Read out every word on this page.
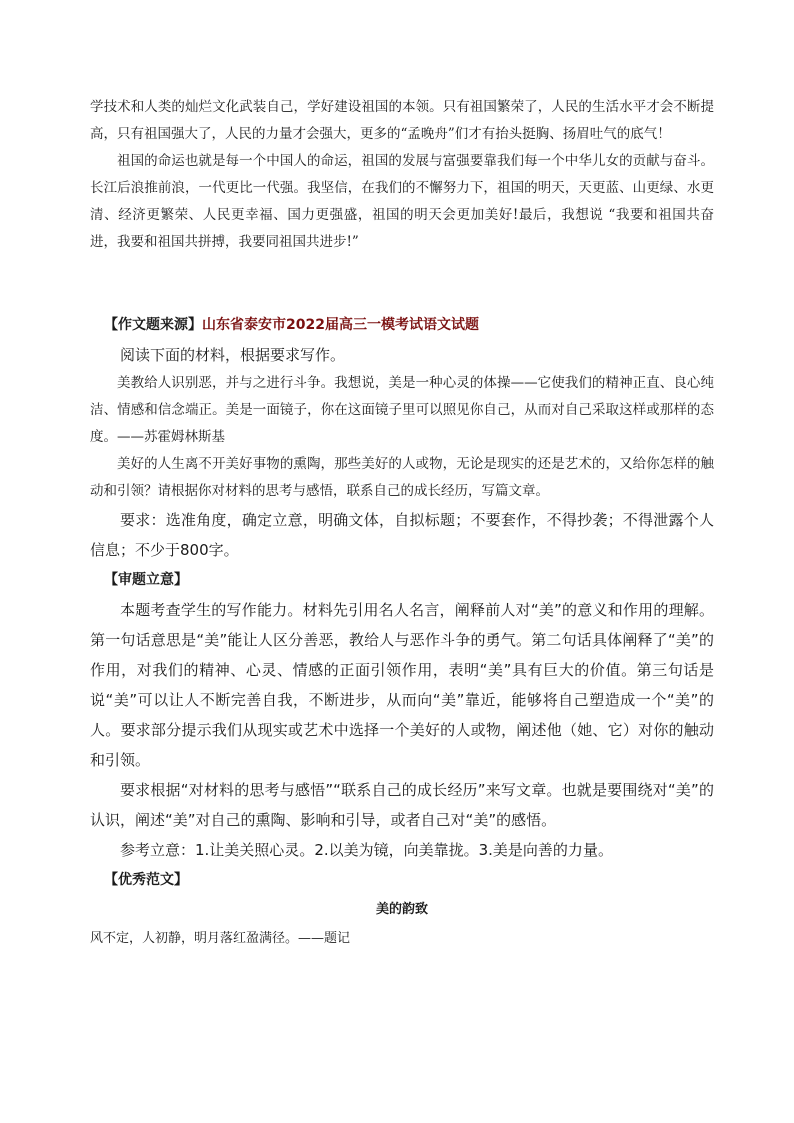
学技术和人类的灿烂文化武装自己，学好建设祖国的本领。只有祖国繁荣了，人民的生活水平才会不断提高，只有祖国强大了，人民的力量才会强大，更多的“孟晚舟”们才有抬头挺胸、扬眉吐气的底气！

祖国的命运也就是每一个中国人的命运，祖国的发展与富强要靠我们每一个中华儿女的贡献与奋斗。长江后浪推前浪，一代更比一代强。我坚信，在我们的不懈努力下，祖国的明天，天更蓝、山更绿、水更清、经济更繁荣、人民更幸福、国力更强盛，祖国的明天会更加美好!最后，我想说 “我要和祖国共奋进，我要和祖国共拼搏，我要同祖国共进步!”

【作文题来源】山东省泰安市2022届高三一模考试语文试题

阅读下面的材料，根据要求写作。

美教给人识别恶，并与之进行斗争。我想说，美是一种心灵的体操——它使我们的精神正直、良心纯洁、情感和信念端正。美是一面镜子，你在这面镜子里可以照见你自己，从而对自己采取这样或那样的态度。——苏霍姆林斯基

美好的人生离不开美好事物的熏陶，那些美好的人或物，无论是现实的还是艺术的，又给你怎样的触动和引领？请根据你对材料的思考与感悟，联系自己的成长经历，写篇文章。

要求：选准角度，确定立意，明确文体，自拟标题；不要套作，不得抄袭；不得泄露个人信息；不少于800字。

【审题立意】

本题考查学生的写作能力。材料先引用名人名言，阐释前人对“美”的意义和作用的理解。第一句话意思是“美”能让人区分善恶，教给人与恶作斗争的勇气。第二句话具体阐释了“美”的作用，对我们的精神、心灵、情感的正面引领作用，表明“美”具有巨大的价值。第三句话是说“美”可以让人不断完善自我，不断进步，从而向“美”靠近，能够将自己塑造成一个“美”的人。要求部分提示我们从现实或艺术中选择一个美好的人或物，阐述他（她、它）对你的触动和引领。

要求根据“对材料的思考与感悟”“联系自己的成长经历”来写文章。也就是要围绕对“美”的认识，阐述“美”对自己的熏陶、影响和引导，或者自己对“美”的感悟。

参考立意：1.让美关照心灵。2.以美为镜，向美靠拢。3.美是向善的力量。

【优秀范文】

美的韵致

风不定，人初静，明月落红盈满径。——题记
